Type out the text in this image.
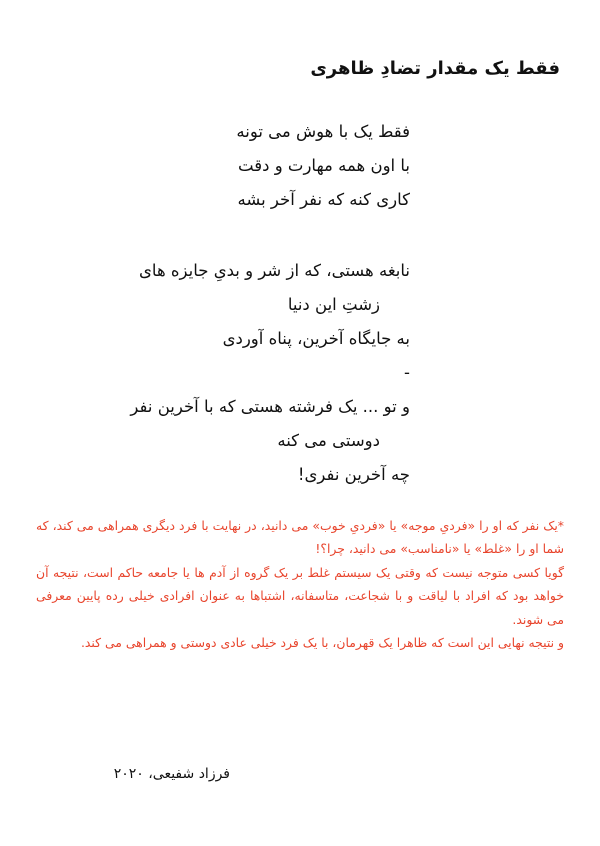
فقط یک مقدار تضادِ ظاهری
فقط یک با هوش می تونه
با اون همه مهارت و دقت
کاری کنه که نفر آخر بشه
نابغه هستی، که از شر و بدیِ جایزه های
زشتِ این دنیا
به جایگاه آخرین، پناه آوردی
-
و تو ... یک فرشته هستی که با آخرین نفر
دوستی می کنه
چه آخرین نفری!

*یک نفر که او را «فردیِ موجه» یا «فردیِ خوب» می دانید، در نهایت با فرد دیگری همراهی می کند، که شما او را «غلط» یا «نامناسب» می دانید، چرا؟!

گویا کسی متوجه نیست که وقتی یک سیستم غلط بر یک گروه از آدم ها یا جامعه حاکم است، نتیجه آن خواهد بود که افراد با لیاقت و با شجاعت، متاسفانه، اشتباها به عنوان افرادی خیلی رده پایین معرفی می شوند.

و نتیجه نهایی این است که ظاهرا یک قهرمان، با یک فرد خیلی عادی دوستی و همراهی می کند.

فرزاد شفیعی، ۲۰۲۰
